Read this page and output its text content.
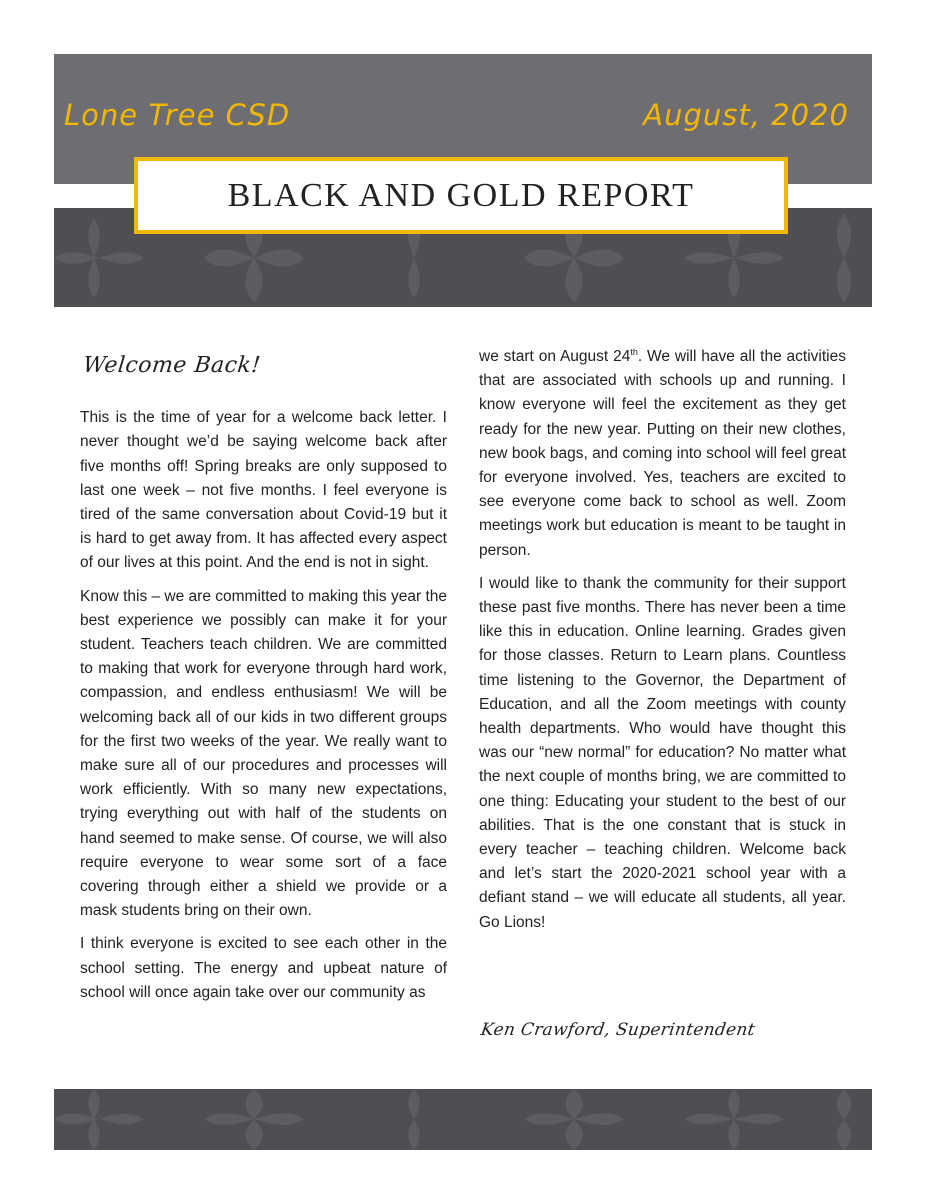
Lone Tree CSD	August, 2020
BLACK AND GOLD REPORT
Welcome Back!

This is the time of year for a welcome back letter. I never thought we’d be saying welcome back after five months off! Spring breaks are only supposed to last one week – not five months. I feel everyone is tired of the same conversation about Covid-19 but it is hard to get away from. It has affected every aspect of our lives at this point. And the end is not in sight.

Know this – we are committed to making this year the best experience we possibly can make it for your student. Teachers teach children. We are committed to making that work for everyone through hard work, compassion, and endless enthusiasm! We will be welcoming back all of our kids in two different groups for the first two weeks of the year. We really want to make sure all of our procedures and processes will work efficiently. With so many new expectations, trying everything out with half of the students on hand seemed to make sense. Of course, we will also require everyone to wear some sort of a face covering through either a shield we provide or a mask students bring on their own.

I think everyone is excited to see each other in the school setting. The energy and upbeat nature of school will once again take over our community as

we start on August 24th. We will have all the activities that are associated with schools up and running. I know everyone will feel the excitement as they get ready for the new year. Putting on their new clothes, new book bags, and coming into school will feel great for everyone involved. Yes, teachers are excited to see everyone come back to school as well. Zoom meetings work but education is meant to be taught in person.

I would like to thank the community for their support these past five months. There has never been a time like this in education. Online learning. Grades given for those classes. Return to Learn plans. Countless time listening to the Governor, the Department of Education, and all the Zoom meetings with county health departments. Who would have thought this was our “new normal” for education? No matter what the next couple of months bring, we are committed to one thing: Educating your student to the best of our abilities. That is the one constant that is stuck in every teacher – teaching children. Welcome back and let’s start the 2020-2021 school year with a defiant stand – we will educate all students, all year. Go Lions!

Ken Crawford, Superintendent
